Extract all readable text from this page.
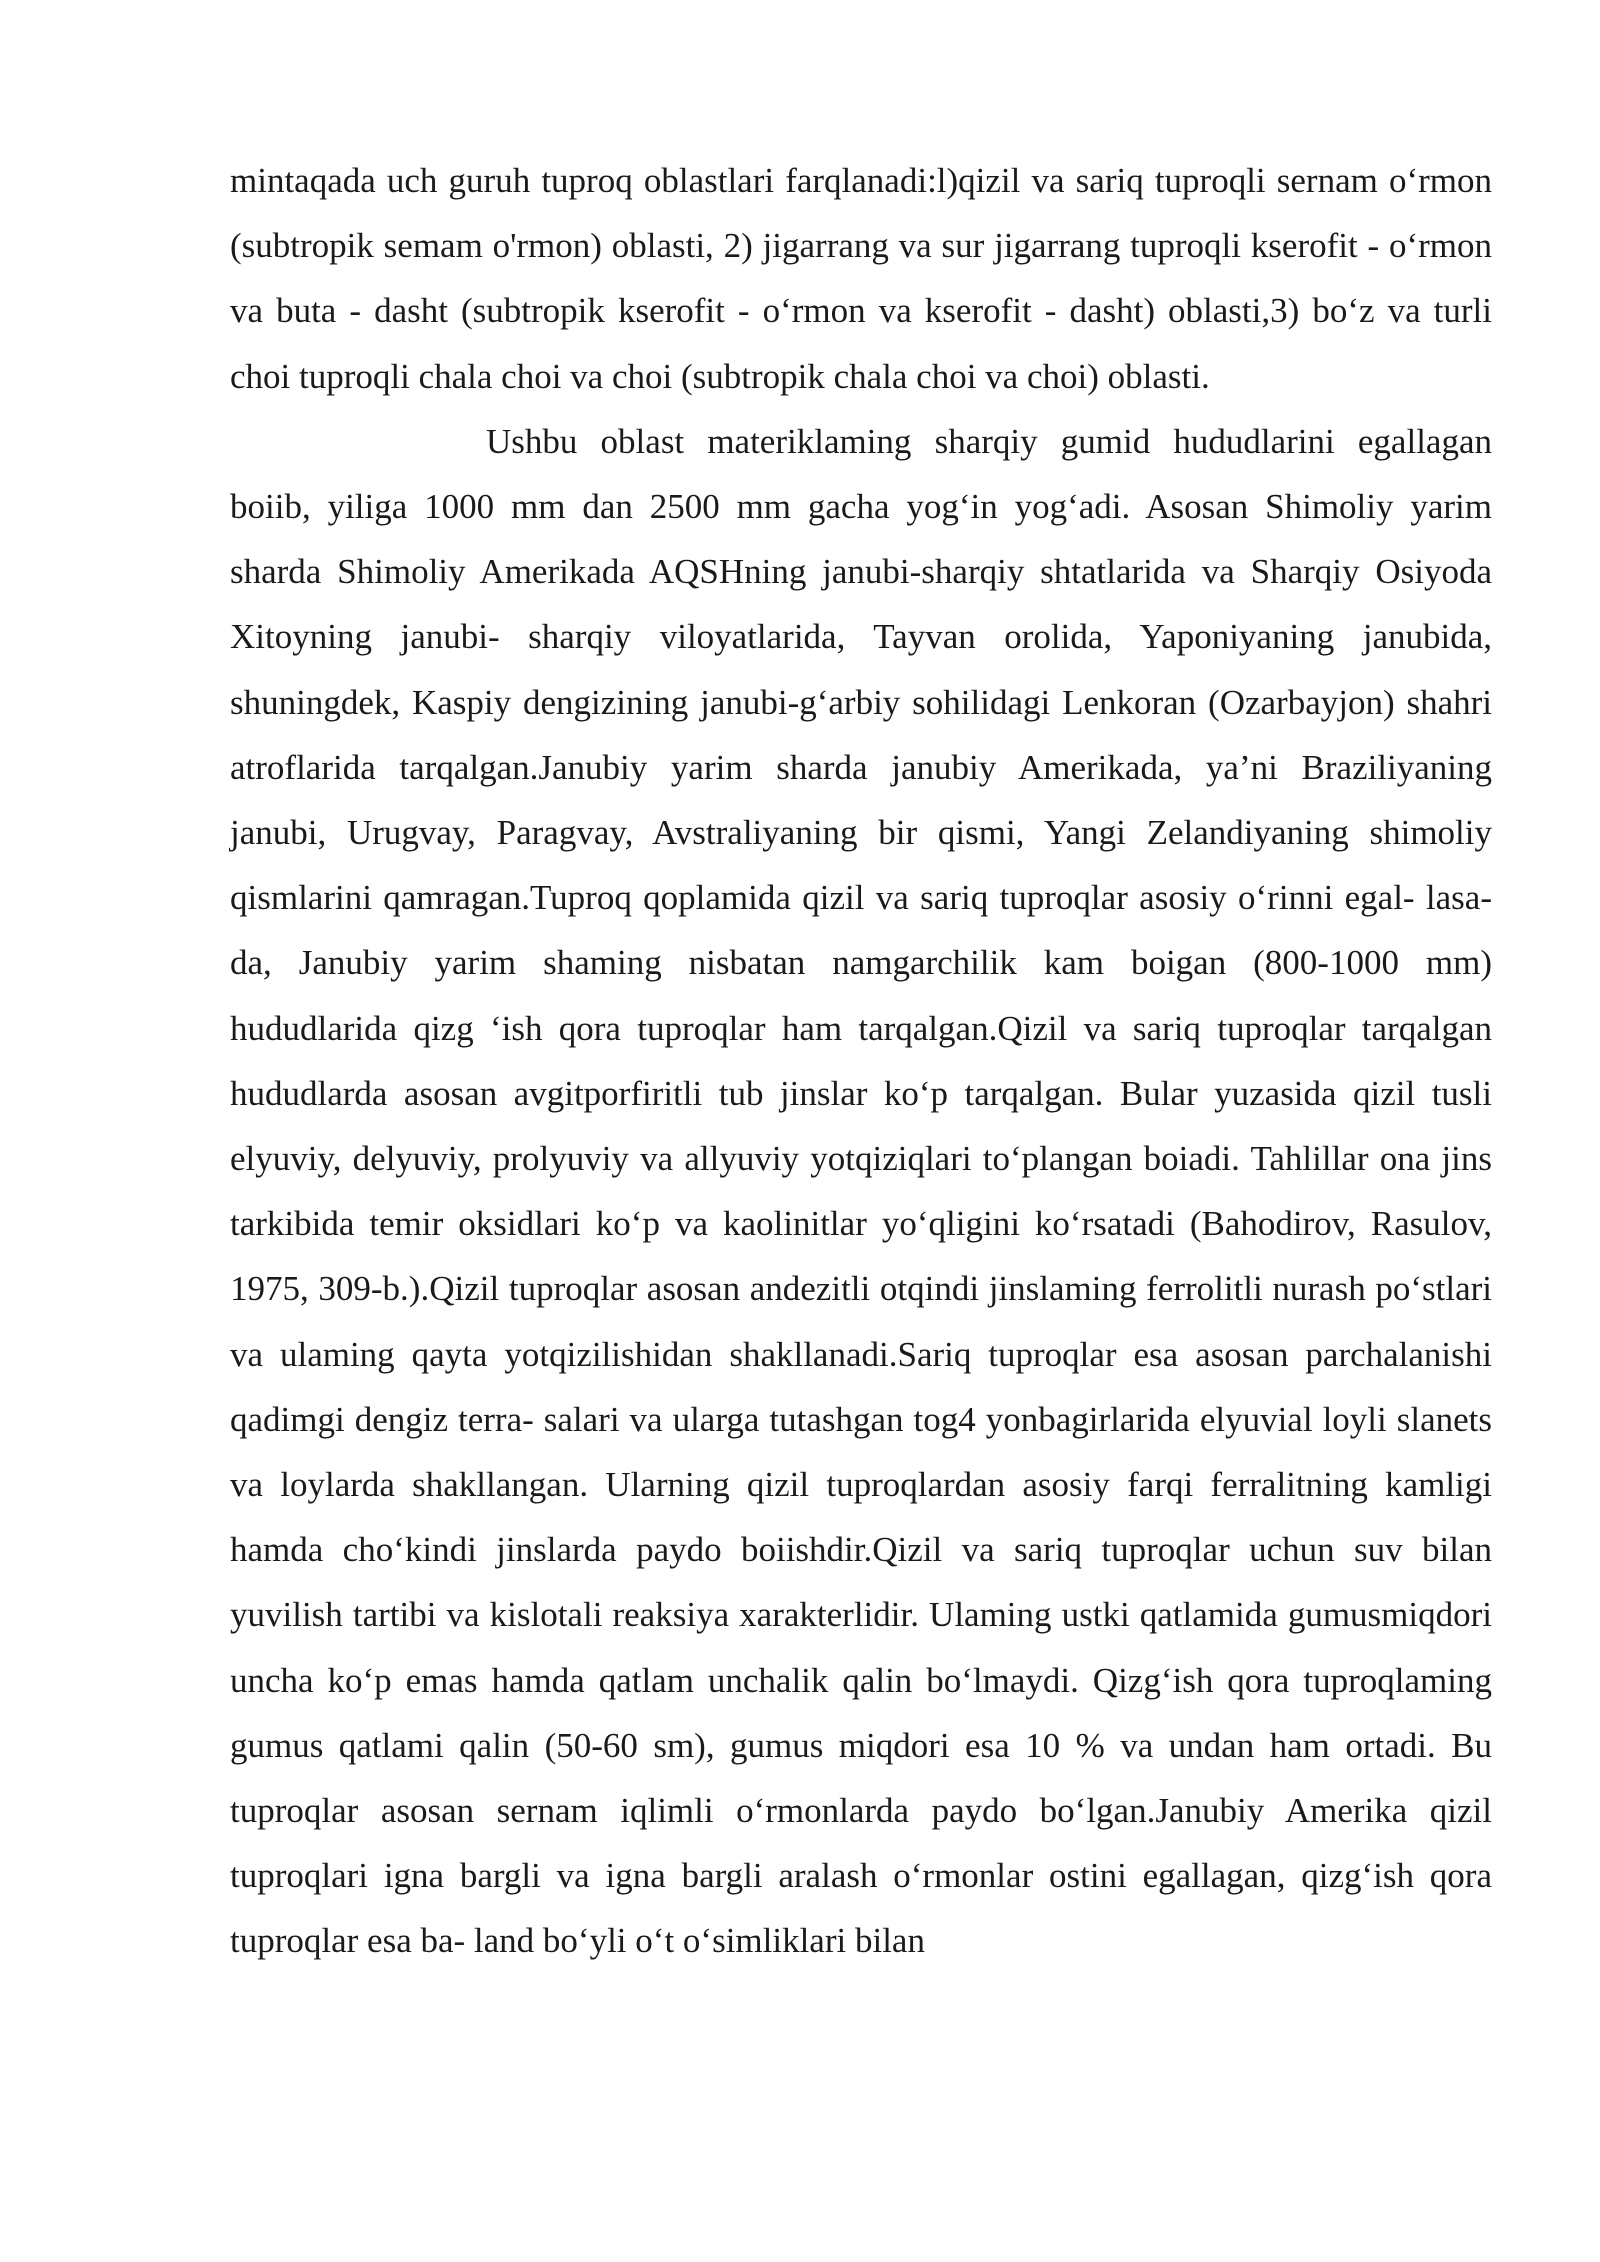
mintaqada uch guruh tuproq oblastlari farqlanadi:l)qizil va sariq tuproqli sernam o‘rmon (subtropik semam o'rmon) oblasti, 2) jigarrang va sur jigarrang tuproqli kserofit - o‘rmon va buta - dasht (subtropik kserofit - o‘rmon va kserofit - dasht) oblasti,3) bo‘z va turli choi tuproqli chala choi va choi (subtropik chala choi va choi) oblasti.

Ushbu oblast materiklaming sharqiy gumid hududlarini egallagan boiib, yiliga 1000 mm dan 2500 mm gacha yog‘in yog‘adi. Asosan Shimoliy yarim sharda Shimoliy Amerikada AQSHning janubi-sharqiy shtatlarida va Sharqiy Osiyoda Xitoyning janubi- sharqiy viloyatlarida, Tayvan orolida, Yaponiyaning janubida, shuningdek, Kaspiy dengizining janubi-g‘arbiy sohilidagi Lenkoran (Ozarbayjon) shahri atroflarida tarqalgan.Janubiy yarim sharda janubiy Amerikada, ya’ni Braziliyaning janubi, Urugvay, Paragvay, Avstraliyaning bir qismi, Yangi Zelandiyaning shimoliy qismlarini qamragan.Tuproq qoplamida qizil va sariq tuproqlar asosiy o‘rinni egal- lasa-da, Janubiy yarim shaming nisbatan namgarchilik kam boigan (800-1000 mm) hududlarida qizg ‘ish qora tuproqlar ham tarqalgan.Qizil va sariq tuproqlar tarqalgan hududlarda asosan avgitporfiritli tub jinslar ko‘p tarqalgan. Bular yuzasida qizil tusli elyuviy, delyuviy, prolyuviy va allyuviy yotqiziqlari to‘plangan boiadi. Tahlillar ona jins tarkibida temir oksidlari ko‘p va kaolinitlar yo‘qligini ko‘rsatadi (Bahodirov, Rasulov, 1975, 309-b.).Qizil tuproqlar asosan andezitli otqindi jinslaming ferrolitli nurash po‘stlari va ulaming qayta yotqizilishidan shakllanadi.Sariq tuproqlar esa asosan parchalanishi qadimgi dengiz terra- salari va ularga tutashgan tog4 yonbagirlarida elyuvial loyli slanets va loylarda shakllangan. Ularning qizil tuproqlardan asosiy farqi ferralitning kamligi hamda cho‘kindi jinslarda paydo boiishdir.Qizil va sariq tuproqlar uchun suv bilan yuvilish tartibi va kislotali reaksiya xarakterlidir. Ulaming ustki qatlamida gumusmiqdori uncha ko‘p emas hamda qatlam unchalik qalin bo‘lmaydi. Qizg‘ish qora tuproqlaming gumus qatlami qalin (50-60 sm), gumus miqdori esa 10 % va undan ham ortadi. Bu tuproqlar asosan sernam iqlimli o‘rmonlarda paydo bo‘lgan.Janubiy Amerika qizil tuproqlari igna bargli va igna bargli aralash o‘rmonlar ostini egallagan, qizg‘ish qora tuproqlar esa ba- land bo‘yli o‘t o‘simliklari bilan
